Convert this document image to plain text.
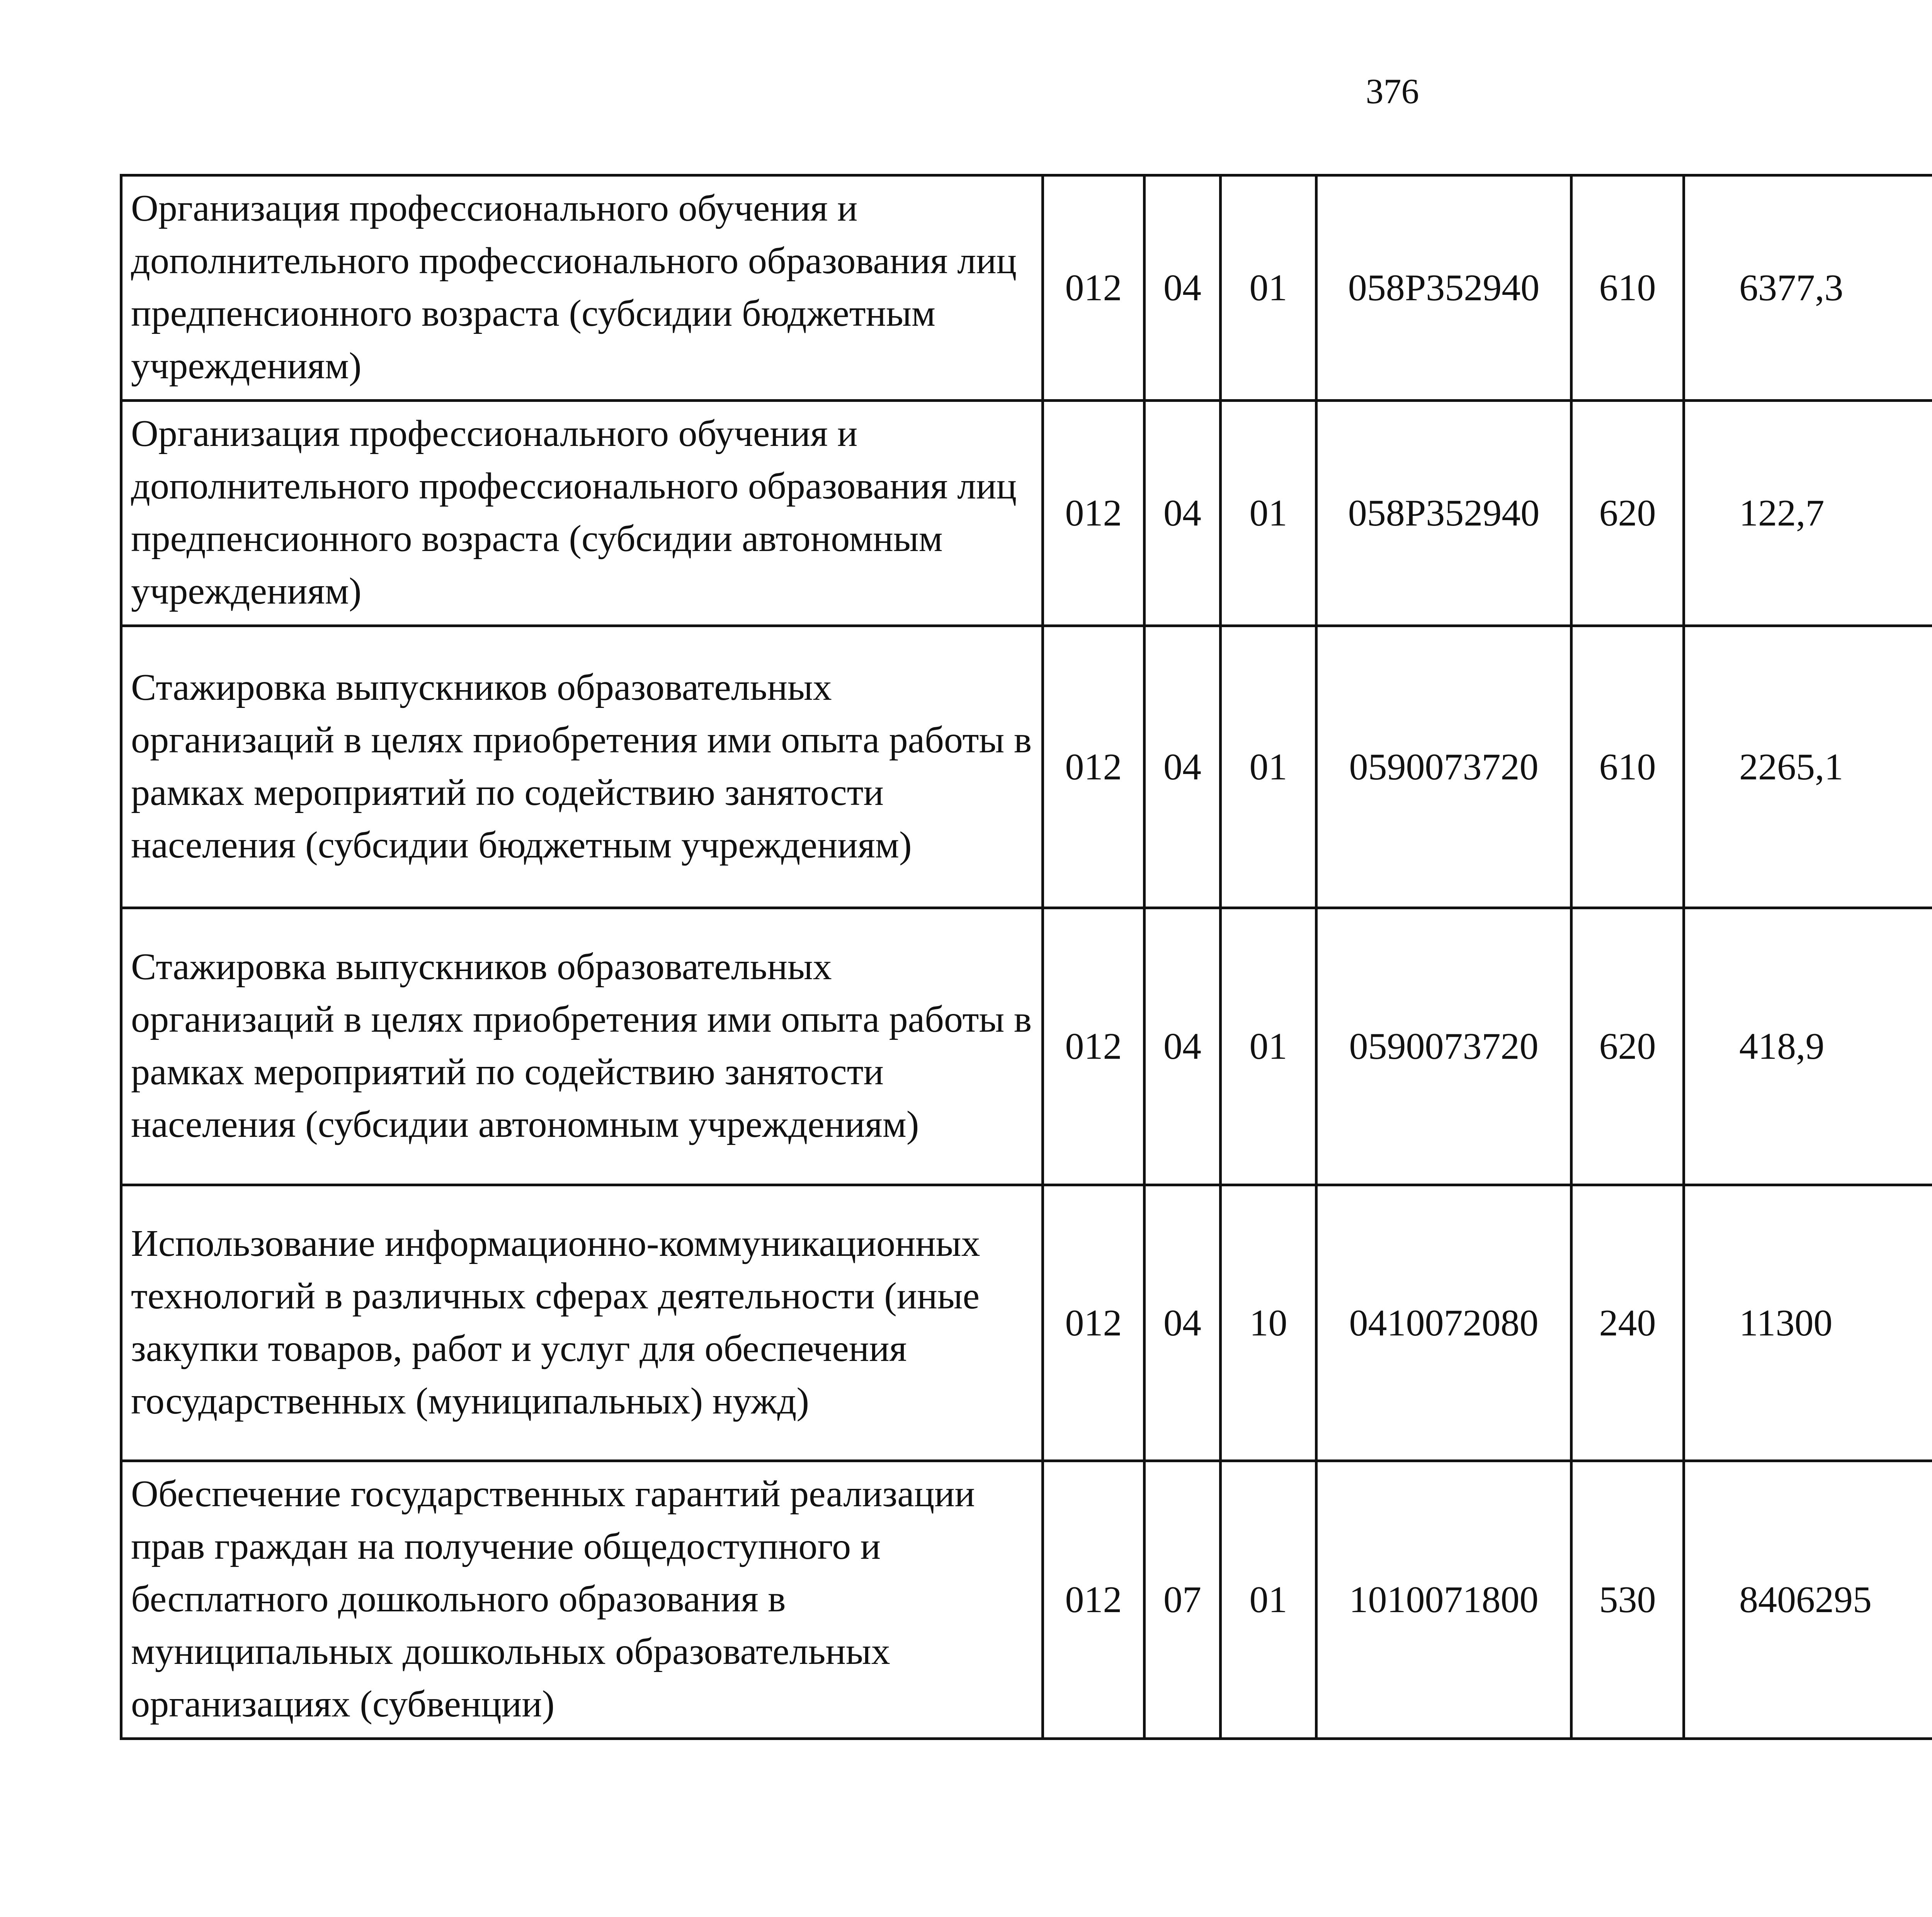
376
Организация профессионального обучения и дополнительного профессионального образования лиц предпенсионного возраста (субсидии бюджетным учреждениям)	012	04	01	058P352940	610	6377,3		
Организация профессионального обучения и дополнительного профессионального образования лиц предпенсионного возраста (субсидии автономным учреждениям)	012	04	01	058P352940	620	122,7		
Стажировка выпускников образовательных организаций в целях приобретения ими опыта работы в рамках мероприятий по содействию занятости населения (субсидии бюджетным учреждениям)	012	04	01	0590073720	610	2265,1		
Стажировка выпускников образовательных организаций в целях приобретения ими опыта работы в рамках мероприятий по содействию занятости населения (субсидии автономным учреждениям)	012	04	01	0590073720	620	418,9		
Использование информационно-коммуникационных технологий в различных сферах деятельности (иные закупки товаров, работ и услуг для обеспечения государственных (муниципальных) нужд)	012	04	10	0410072080	240	11300		
Обеспечение государственных гарантий реализации прав граждан на получение общедоступного и бесплатного дошкольного образования в муниципальных дошкольных образовательных организациях (субвенции)	012	07	01	1010071800	530	8406295		
